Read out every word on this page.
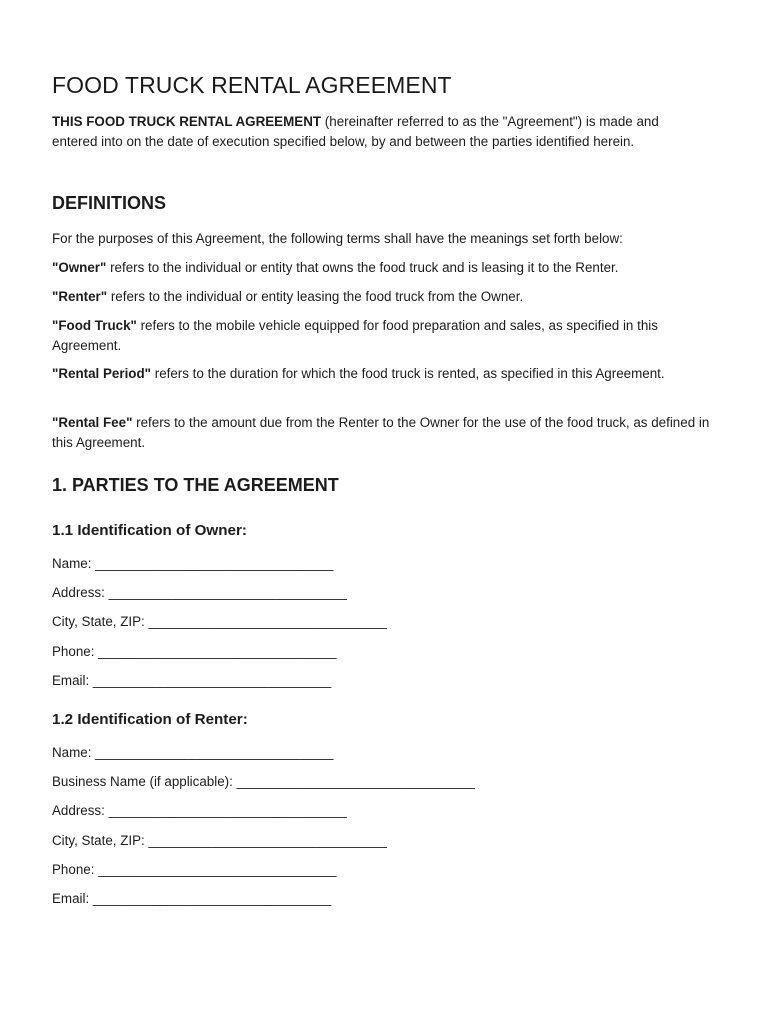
FOOD TRUCK RENTAL AGREEMENT

THIS FOOD TRUCK RENTAL AGREEMENT (hereinafter referred to as the "Agreement") is made and entered into on the date of execution specified below, by and between the parties identified herein.

DEFINITIONS

For the purposes of this Agreement, the following terms shall have the meanings set forth below:

"Owner" refers to the individual or entity that owns the food truck and is leasing it to the Renter.

"Renter" refers to the individual or entity leasing the food truck from the Owner.

"Food Truck" refers to the mobile vehicle equipped for food preparation and sales, as specified in this Agreement.

"Rental Period" refers to the duration for which the food truck is rented, as specified in this Agreement.

"Rental Fee" refers to the amount due from the Renter to the Owner for the use of the food truck, as defined in this Agreement.

1. PARTIES TO THE AGREEMENT
1.1 Identification of Owner:

Name: ________________________________

Address: ________________________________

City, State, ZIP: ________________________________

Phone: ________________________________

Email: ________________________________

1.2 Identification of Renter:

Name: ________________________________

Business Name (if applicable): ________________________________

Address: ________________________________

City, State, ZIP: ________________________________

Phone: ________________________________

Email: ________________________________
